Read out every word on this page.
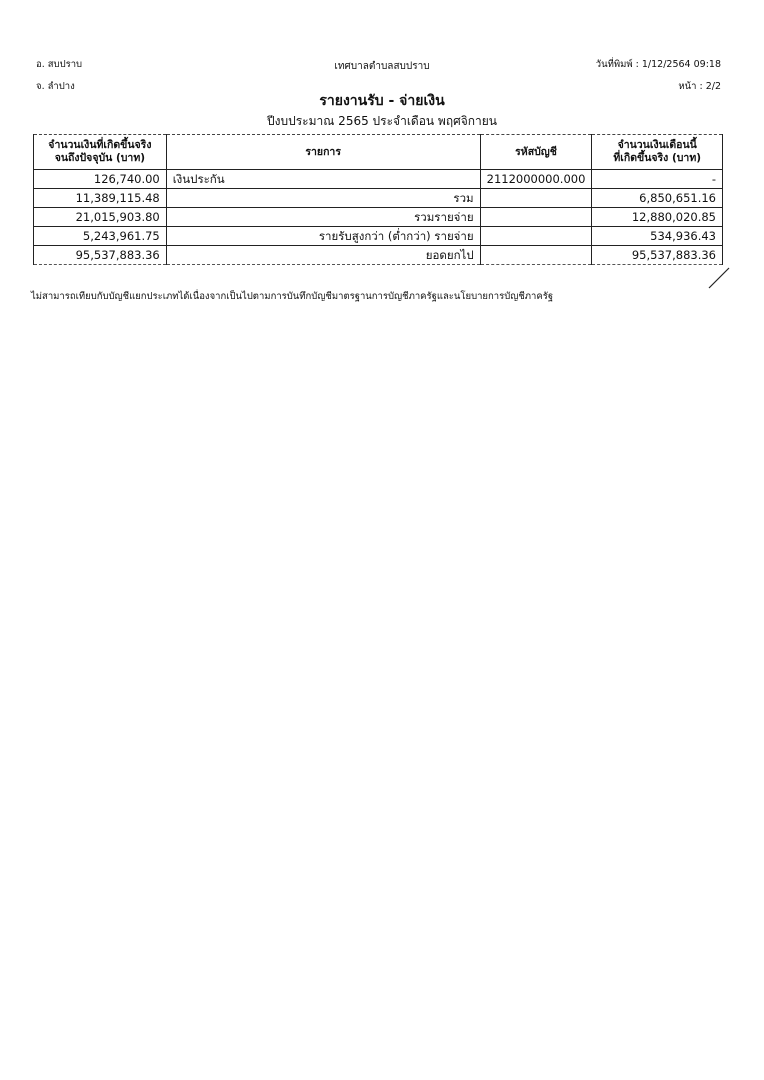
อ. สบปราบ
จ. ลำปาง
เทศบาลตำบลสบปราบ	วันที่พิมพ์ : 1/12/2564 09:18
หน้า : 2/2
รายงานรับ - จ่ายเงิน
ปีงบประมาณ 2565 ประจำเดือน พฤศจิกายน
จำนวนเงินที่เกิดขึ้นจริง
จนถึงปัจจุบัน (บาท)	รายการ	รหัสบัญชี	จำนวนเงินเดือนนี้
ที่เกิดขึ้นจริง (บาท)

126,740.00	เงินประกัน	2112000000.000	-
11,389,115.48	รวม		6,850,651.16
21,015,903.80	รวมรายจ่าย		12,880,020.85
5,243,961.75	รายรับสูงกว่า (ต่ำกว่า) รายจ่าย		534,936.43
95,537,883.36	ยอดยกไป		95,537,883.36
ไม่สามารถเทียบกับบัญชีแยกประเภทได้เนื่องจากเป็นไปตามการบันทึกบัญชีมาตรฐานการบัญชีภาครัฐและนโยบายการบัญชีภาครัฐ
